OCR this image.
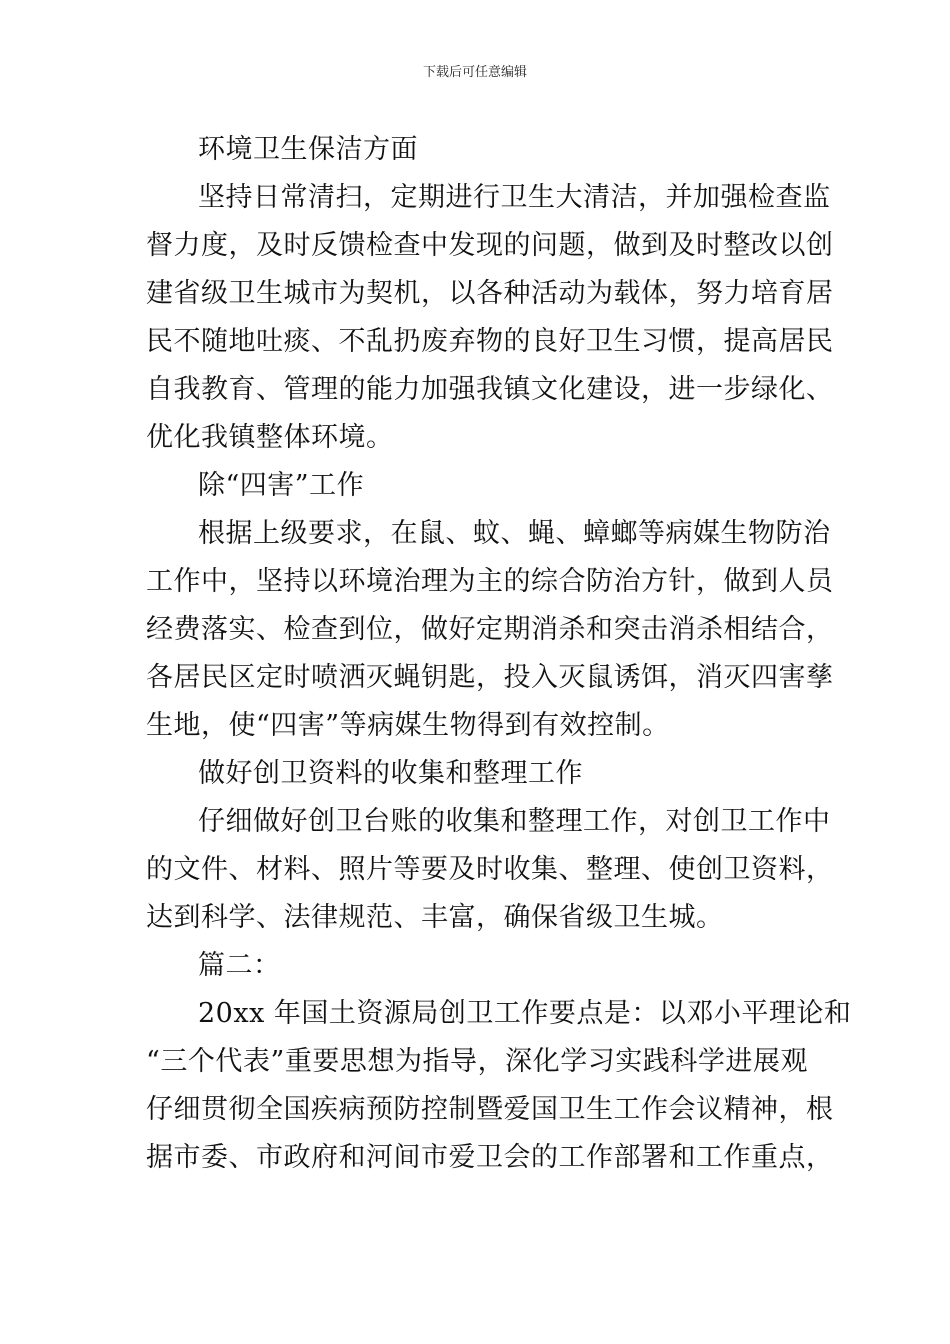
下载后可任意编辑
环境卫生保洁方面
坚持日常清扫，定期进行卫生大清洁，并加强检查监
督力度，及时反馈检查中发现的问题，做到及时整改以创
建省级卫生城市为契机，以各种活动为载体，努力培育居
民不随地吐痰、不乱扔废弃物的良好卫生习惯，提高居民
自我教育、管理的能力加强我镇文化建设，进一步绿化、
优化我镇整体环境。
除“四害”工作
根据上级要求，在鼠、蚊、蝇、蟑螂等病媒生物防治
工作中，坚持以环境治理为主的综合防治方针，做到人员
经费落实、检查到位，做好定期消杀和突击消杀相结合，
各居民区定时喷洒灭蝇钥匙，投入灭鼠诱饵，消灭四害孳
生地，使“四害”等病媒生物得到有效控制。
做好创卫资料的收集和整理工作
仔细做好创卫台账的收集和整理工作，对创卫工作中
的文件、材料、照片等要及时收集、整理、使创卫资料，
达到科学、法律规范、丰富，确保省级卫生城。
篇二：
20xx 年国土资源局创卫工作要点是：以邓小平理论和
“三个代表”重要思想为指导，深化学习实践科学进展观
仔细贯彻全国疾病预防控制暨爱国卫生工作会议精神，根
据市委、市政府和河间市爱卫会的工作部署和工作重点，
